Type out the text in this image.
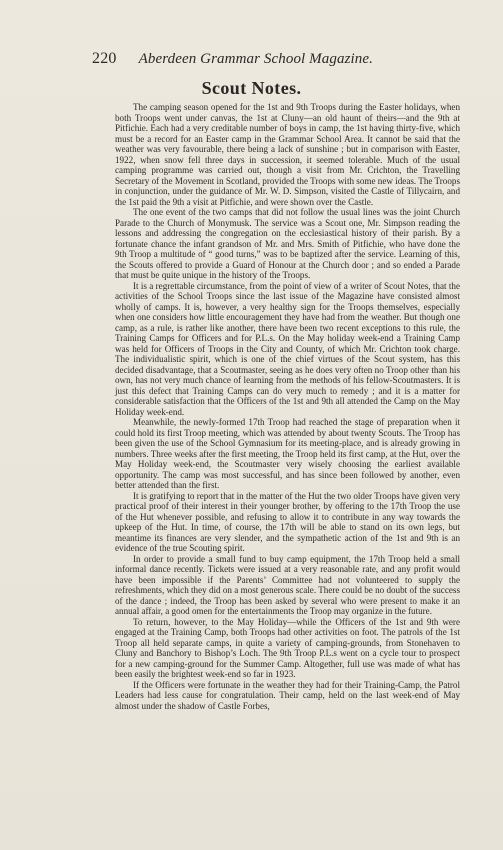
220 Aberdeen Grammar School Magazine.
Scout Notes.

The camping season opened for the 1st and 9th Troops during the Easter holidays, when both Troops went under canvas, the 1st at Cluny—an old haunt of theirs—and the 9th at Pitfichie. Each had a very creditable number of boys in camp, the 1st having thirty-five, which must be a record for an Easter camp in the Grammar School Area. It cannot be said that the weather was very favourable, there being a lack of sunshine ; but in comparison with Easter, 1922, when snow fell three days in succession, it seemed tolerable. Much of the usual camping programme was carried out, though a visit from Mr. Crichton, the Travelling Secretary of the Movement in Scotland, provided the Troops with some new ideas. The Troops in conjunction, under the guidance of Mr. W. D. Simpson, visited the Castle of Tillycairn, and the 1st paid the 9th a visit at Pitfichie, and were shown over the Castle.

The one event of the two camps that did not follow the usual lines was the joint Church Parade to the Church of Monymusk. The service was a Scout one, Mr. Simpson reading the lessons and addressing the congregation on the ecclesiastical history of their parish. By a fortunate chance the infant grandson of Mr. and Mrs. Smith of Pitfichie, who have done the 9th Troop a multitude of “ good turns,” was to be baptized after the service. Learning of this, the Scouts offered to provide a Guard of Honour at the Church door ; and so ended a Parade that must be quite unique in the history of the Troops.

It is a regrettable circumstance, from the point of view of a writer of Scout Notes, that the activities of the School Troops since the last issue of the Magazine have consisted almost wholly of camps. It is, however, a very healthy sign for the Troops themselves, especially when one considers how little encouragement they have had from the weather. But though one camp, as a rule, is rather like another, there have been two recent exceptions to this rule, the Training Camps for Officers and for P.L.s. On the May holiday week-end a Training Camp was held for Officers of Troops in the City and County, of which Mr. Crichton took charge. The individualistic spirit, which is one of the chief virtues of the Scout system, has this decided disadvantage, that a Scoutmaster, seeing as he does very often no Troop other than his own, has not very much chance of learning from the methods of his fellow-Scoutmasters. It is just this defect that Training Camps can do very much to remedy ; and it is a matter for considerable satisfaction that the Officers of the 1st and 9th all attended the Camp on the May Holiday week-end.

Meanwhile, the newly-formed 17th Troop had reached the stage of preparation when it could hold its first Troop meeting, which was attended by about twenty Scouts. The Troop has been given the use of the School Gymnasium for its meeting-place, and is already growing in numbers. Three weeks after the first meeting, the Troop held its first camp, at the Hut, over the May Holiday week-end, the Scoutmaster very wisely choosing the earliest available opportunity. The camp was most successful, and has since been followed by another, even better attended than the first.

It is gratifying to report that in the matter of the Hut the two older Troops have given very practical proof of their interest in their younger brother, by offering to the 17th Troop the use of the Hut whenever possible, and refusing to allow it to contribute in any way towards the upkeep of the Hut. In time, of course, the 17th will be able to stand on its own legs, but meantime its finances are very slender, and the sympathetic action of the 1st and 9th is an evidence of the true Scouting spirit.

In order to provide a small fund to buy camp equipment, the 17th Troop held a small informal dance recently. Tickets were issued at a very reasonable rate, and any profit would have been impossible if the Parents’ Committee had not volunteered to supply the refreshments, which they did on a most generous scale. There could be no doubt of the success of the dance ; indeed, the Troop has been asked by several who were present to make it an annual affair, a good omen for the entertainments the Troop may organize in the future.

To return, however, to the May Holiday—while the Officers of the 1st and 9th were engaged at the Training Camp, both Troops had other activities on foot. The patrols of the 1st Troop all held separate camps, in quite a variety of camping-grounds, from Stonehaven to Cluny and Banchory to Bishop’s Loch. The 9th Troop P.L.s went on a cycle tour to prospect for a new camping-ground for the Summer Camp. Altogether, full use was made of what has been easily the brightest week-end so far in 1923.

If the Officers were fortunate in the weather they had for their Training-Camp, the Patrol Leaders had less cause for congratulation. Their camp, held on the last week-end of May almost under the shadow of Castle Forbes,
